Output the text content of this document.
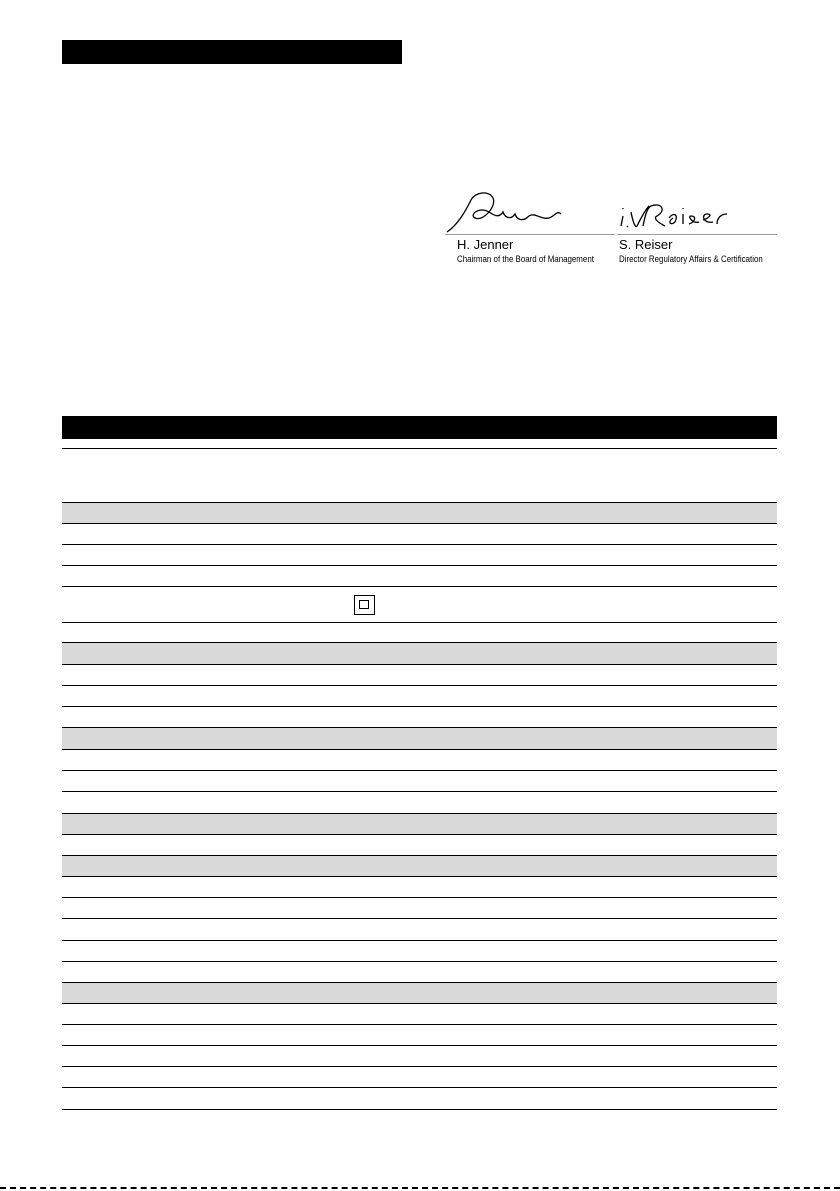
H. Jenner
Chairman of the Board of Management
S. Reiser
Director Regulatory Affairs & Certification
